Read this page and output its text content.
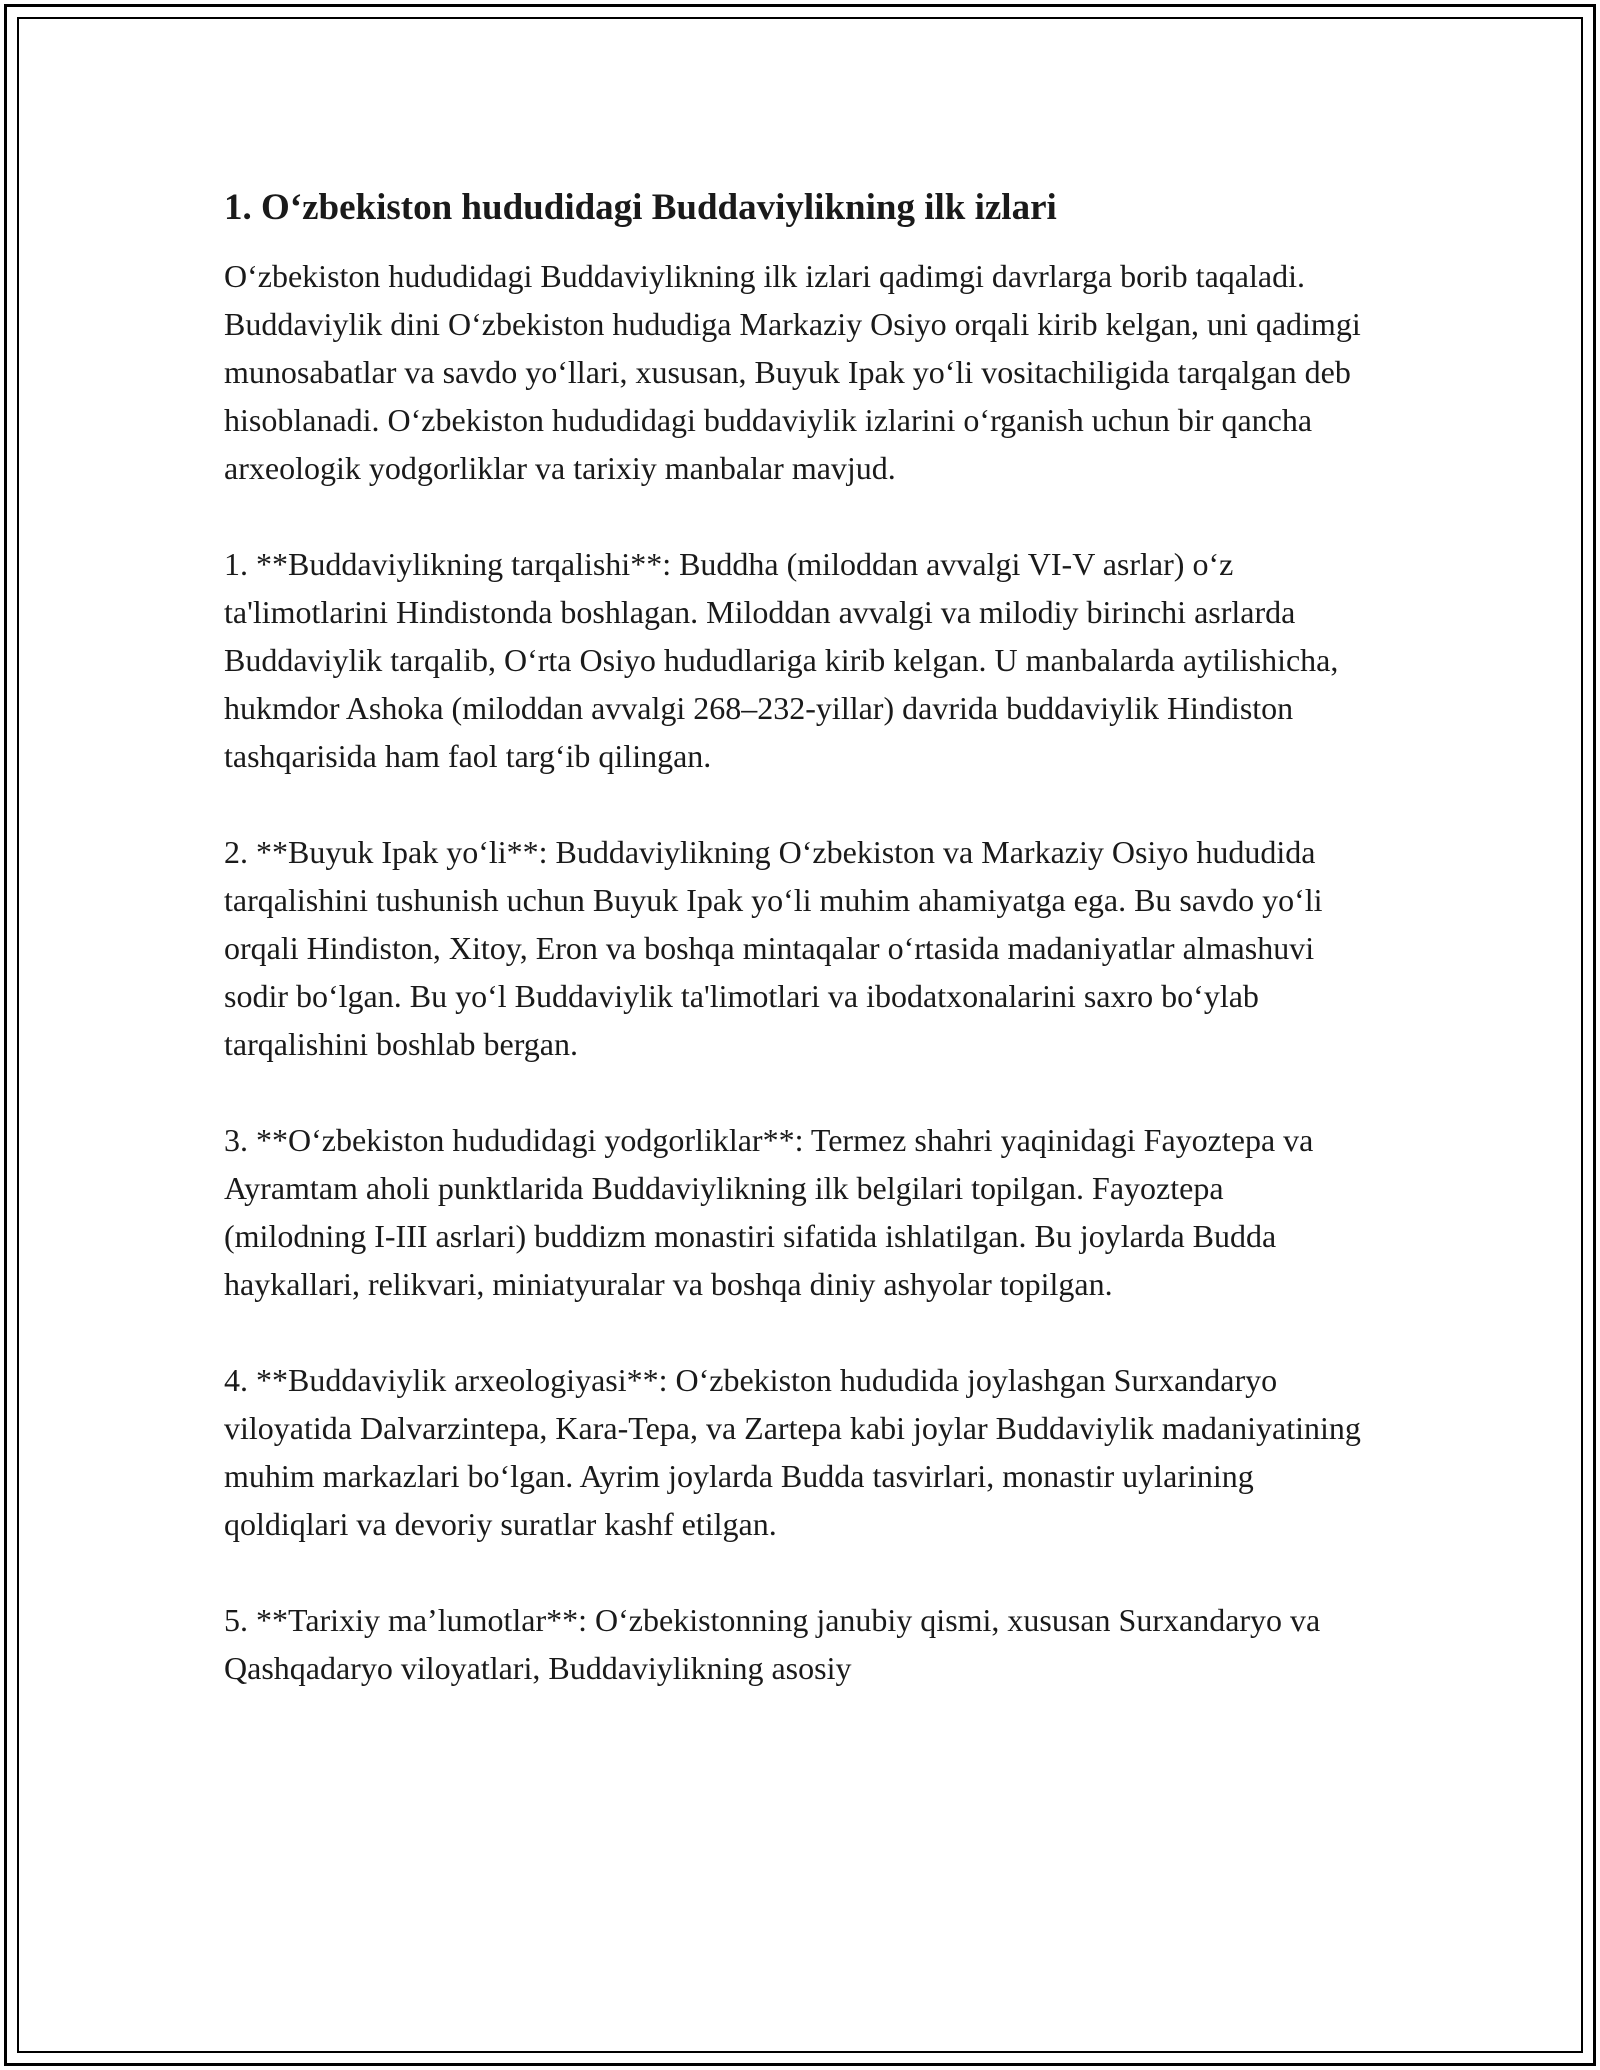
1. Oʻzbekiston hududidagi Buddaviylikning ilk izlari

Oʻzbekiston hududidagi Buddaviylikning ilk izlari qadimgi davrlarga borib taqaladi. Buddaviylik dini Oʻzbekiston hududiga Markaziy Osiyo orqali kirib kelgan, uni qadimgi munosabatlar va savdo yoʻllari, xususan, Buyuk Ipak yoʻli vositachiligida tarqalgan deb hisoblanadi. Oʻzbekiston hududidagi buddaviylik izlarini oʻrganish uchun bir qancha arxeologik yodgorliklar va tarixiy manbalar mavjud.

1. **Buddaviylikning tarqalishi**: Buddha (miloddan avvalgi VI-V asrlar) oʻz ta'limotlarini Hindistonda boshlagan. Miloddan avvalgi va milodiy birinchi asrlarda Buddaviylik tarqalib, Oʻrta Osiyo hududlariga kirib kelgan. U manbalarda aytilishicha, hukmdor Ashoka (miloddan avvalgi 268–232-yillar) davrida buddaviylik Hindiston tashqarisida ham faol targʻib qilingan.

2. **Buyuk Ipak yoʻli**: Buddaviylikning Oʻzbekiston va Markaziy Osiyo hududida tarqalishini tushunish uchun Buyuk Ipak yoʻli muhim ahamiyatga ega. Bu savdo yoʻli orqali Hindiston, Xitoy, Eron va boshqa mintaqalar oʻrtasida madaniyatlar almashuvi sodir boʻlgan. Bu yoʻl Buddaviylik ta'limotlari va ibodatxonalarini saxro boʻylab tarqalishini boshlab bergan.

3. **Oʻzbekiston hududidagi yodgorliklar**: Termez shahri yaqinidagi Fayoztepa va Ayramtam aholi punktlarida Buddaviylikning ilk belgilari topilgan. Fayoztepa (milodning I-III asrlari) buddizm monastiri sifatida ishlatilgan. Bu joylarda Budda haykallari, relikvari, miniatyuralar va boshqa diniy ashyolar topilgan.

4. **Buddaviylik arxeologiyasi**: Oʻzbekiston hududida joylashgan Surxandaryo viloyatida Dalvarzintepa, Kara-Tepa, va Zartepa kabi joylar Buddaviylik madaniyatining muhim markazlari boʻlgan. Ayrim joylarda Budda tasvirlari, monastir uylarining qoldiqlari va devoriy suratlar kashf etilgan.

5. **Tarixiy ma’lumotlar**: Oʻzbekistonning janubiy qismi, xususan Surxandaryo va Qashqadaryo viloyatlari, Buddaviylikning asosiy
